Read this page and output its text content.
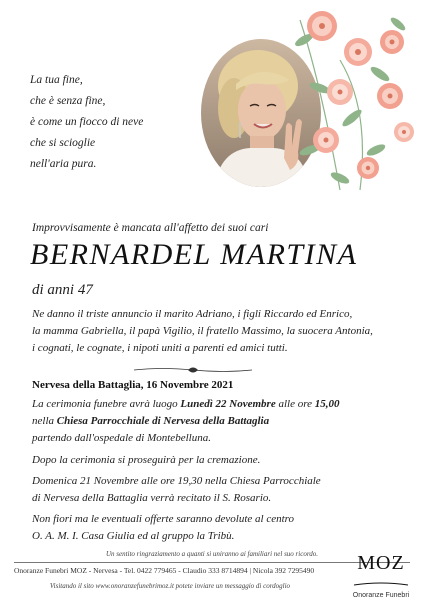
La tua fine,
che è senza fine,
è come un fiocco di neve
che si scioglie
nell'aria pura.
Improvvisamente è mancata all'affetto dei suoi cari
BERNARDEL MARTINA
di anni 47
Ne danno il triste annuncio il marito Adriano, i figli Riccardo ed Enrico,
la mamma Gabriella, il papà Vigilio, il fratello Massimo, la suocera Antonia,
i cognati, le cognate, i nipoti uniti a parenti ed amici tutti.
Nervesa della Battaglia, 16 Novembre 2021
La cerimonia funebre avrà luogo Lunedì 22 Novembre alle ore 15,00
nella Chiesa Parrocchiale di Nervesa della Battaglia
partendo dall'ospedale di Montebelluna.
Dopo la cerimonia si proseguirà per la cremazione.
Domenica 21 Novembre alle ore 19,30 nella Chiesa Parrocchiale
di Nervesa della Battaglia verrà recitato il S. Rosario.
Non fiori ma le eventuali offerte saranno devolute al centro
O. A. M. I. Casa Giulia ed al gruppo la Tribù.
Un sentito ringraziamento a quanti si uniranno ai familiari nel suo ricordo.
Onoranze Funebri MOZ - Nervesa - Tel. 0422 779465 - Claudio 333 8714894 | Nicola 392 7295490
Visitando il sito www.onoranzefunebrimoz.it potete inviare un messaggio di cordoglio
MOZ
Onoranze Funebri
